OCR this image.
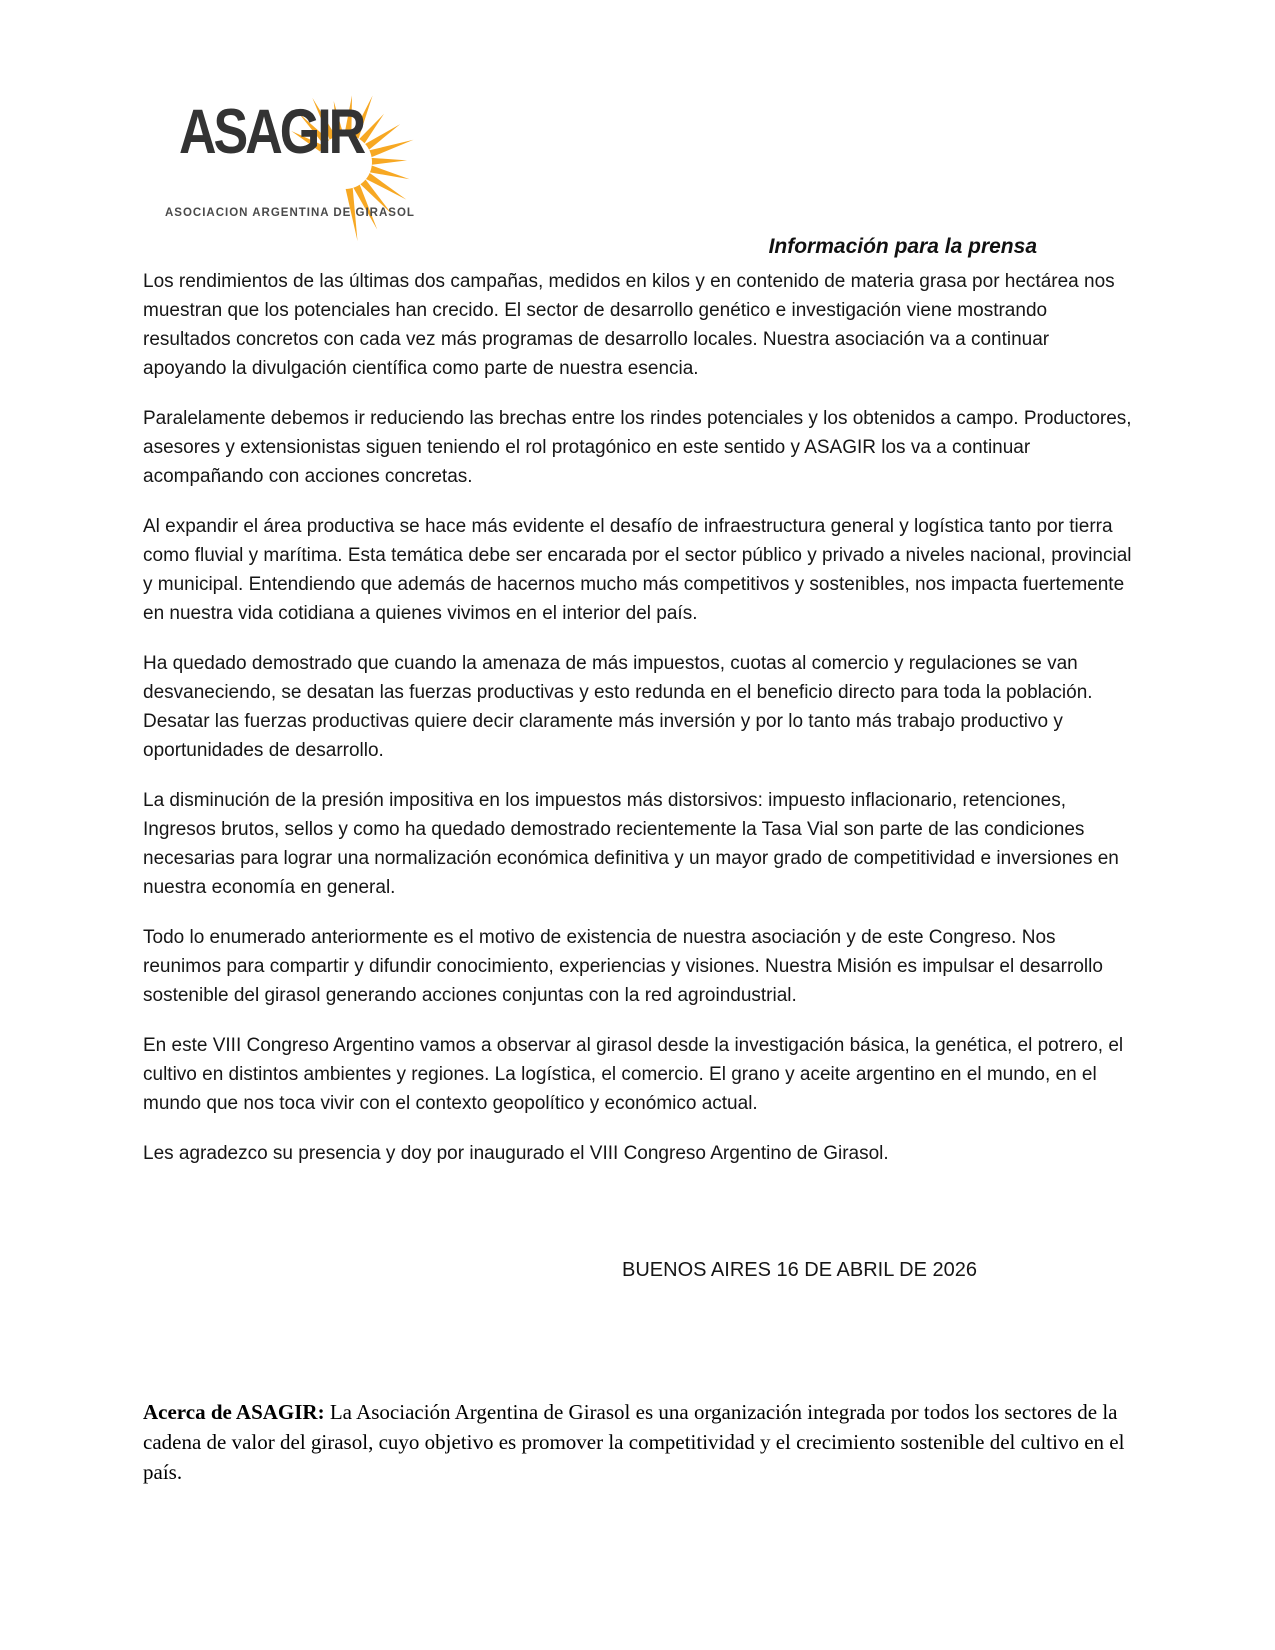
ASAGIR
ASOCIACION ARGENTINA DE GIRASOL

Información para la prensa

Los rendimientos de las últimas dos campañas, medidos en kilos y en contenido de materia grasa por hectárea nos muestran que los potenciales han crecido. El sector de desarrollo genético e investigación viene mostrando resultados concretos con cada vez más programas de desarrollo locales. Nuestra asociación va a continuar apoyando la divulgación científica como parte de nuestra esencia.

Paralelamente debemos ir reduciendo las brechas entre los rindes potenciales y los obtenidos a campo. Productores, asesores y extensionistas siguen teniendo el rol protagónico en este sentido y ASAGIR los va a continuar acompañando con acciones concretas.

Al expandir el área productiva se hace más evidente el desafío de infraestructura general y logística tanto por tierra como fluvial y marítima. Esta temática debe ser encarada por el sector público y privado a niveles nacional, provincial y municipal. Entendiendo que además de hacernos mucho más competitivos y sostenibles, nos impacta fuertemente en nuestra vida cotidiana a quienes vivimos en el interior del país.

Ha quedado demostrado que cuando la amenaza de más impuestos, cuotas al comercio y regulaciones se van desvaneciendo, se desatan las fuerzas productivas y esto redunda en el beneficio directo para toda la población. Desatar las fuerzas productivas quiere decir claramente más inversión y por lo tanto más trabajo productivo y oportunidades de desarrollo.

La disminución de la presión impositiva en los impuestos más distorsivos: impuesto inflacionario, retenciones, Ingresos brutos, sellos y como ha quedado demostrado recientemente la Tasa Vial son parte de las condiciones necesarias para lograr una normalización económica definitiva y un mayor grado de competitividad e inversiones en nuestra economía en general.

Todo lo enumerado anteriormente es el motivo de existencia de nuestra asociación y de este Congreso. Nos reunimos para compartir y difundir conocimiento, experiencias y visiones. Nuestra Misión es impulsar el desarrollo sostenible del girasol generando acciones conjuntas con la red agroindustrial.

En este VIII Congreso Argentino vamos a observar al girasol desde la investigación básica, la genética, el potrero, el cultivo en distintos ambientes y regiones. La logística, el comercio. El grano y aceite argentino en el mundo, en el mundo que nos toca vivir con el contexto geopolítico y económico actual.

Les agradezco su presencia y doy por inaugurado el VIII Congreso Argentino de Girasol.

BUENOS AIRES 16 DE ABRIL DE 2026

Acerca de ASAGIR: La Asociación Argentina de Girasol es una organización integrada por todos los sectores de la cadena de valor del girasol, cuyo objetivo es promover la competitividad y el crecimiento sostenible del cultivo en el país.
